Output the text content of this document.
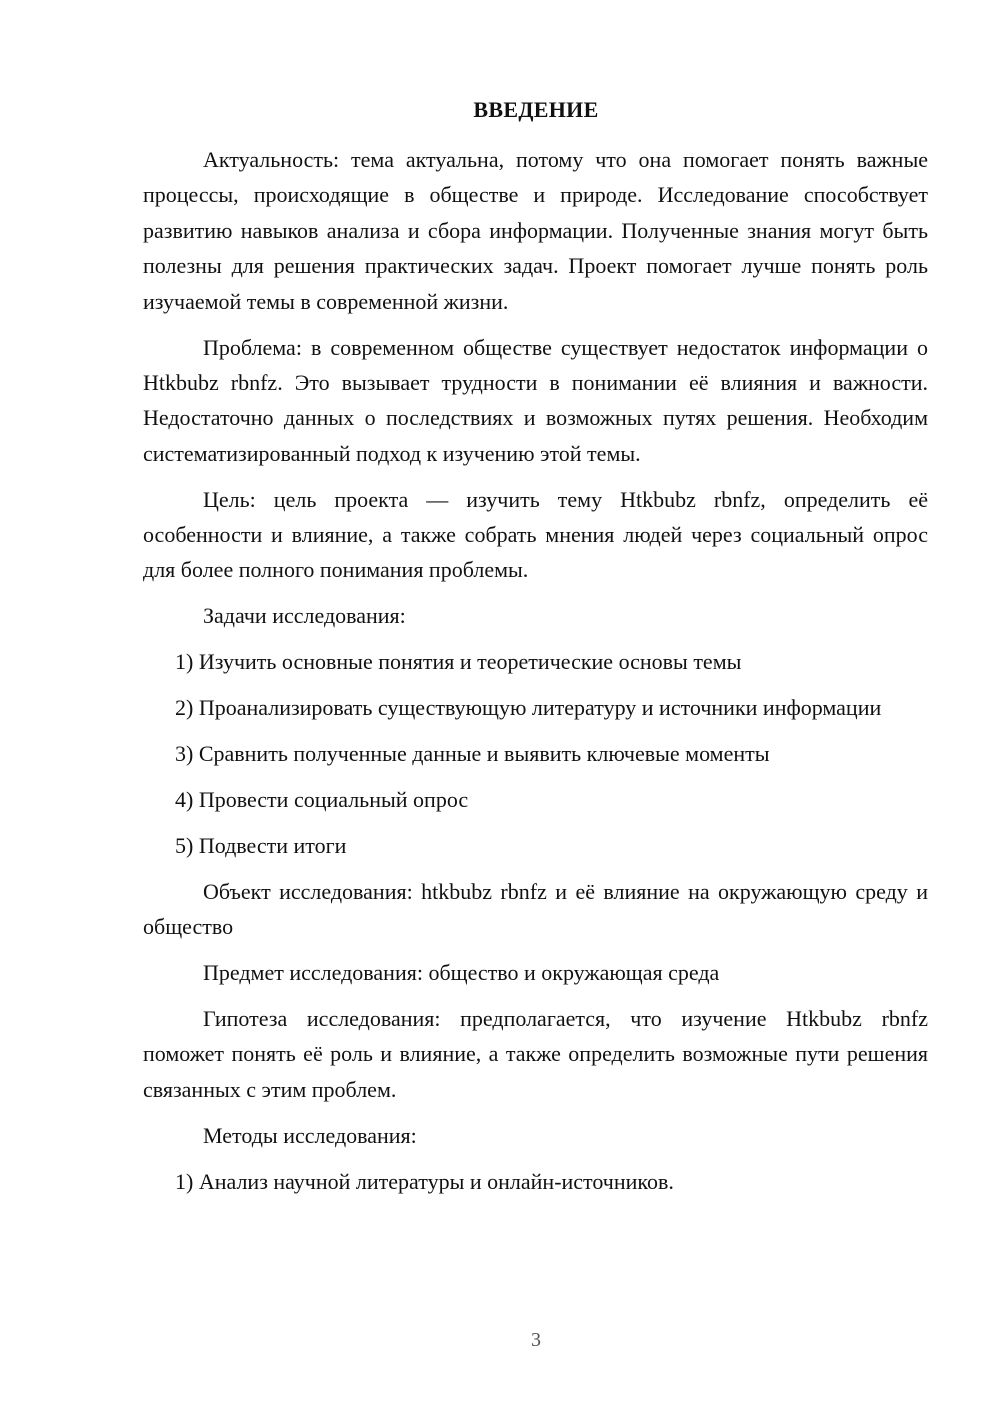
ВВЕДЕНИЕ

Актуальность: тема актуальна, потому что она помогает понять важные процессы, происходящие в обществе и природе. Исследование способствует развитию навыков анализа и сбора информации. Полученные знания могут быть полезны для решения практических задач. Проект помогает лучше понять роль изучаемой темы в современной жизни.

Проблема: в современном обществе существует недостаток информации о Htkbubz rbnfz. Это вызывает трудности в понимании её влияния и важности. Недостаточно данных о последствиях и возможных путях решения. Необходим систематизированный подход к изучению этой темы.

Цель: цель проекта — изучить тему Htkbubz rbnfz, определить её особенности и влияние, а также собрать мнения людей через социальный опрос для более полного понимания проблемы.

Задачи исследования:

1) Изучить основные понятия и теоретические основы темы

2) Проанализировать существующую литературу и источники информации

3) Сравнить полученные данные и выявить ключевые моменты

4) Провести социальный опрос

5) Подвести итоги

Объект исследования: htkbubz rbnfz и её влияние на окружающую среду и общество

Предмет исследования: общество и окружающая среда

Гипотеза исследования: предполагается, что изучение Htkbubz rbnfz поможет понять её роль и влияние, а также определить возможные пути решения связанных с этим проблем.

Методы исследования:

1) Анализ научной литературы и онлайн-источников.

3
